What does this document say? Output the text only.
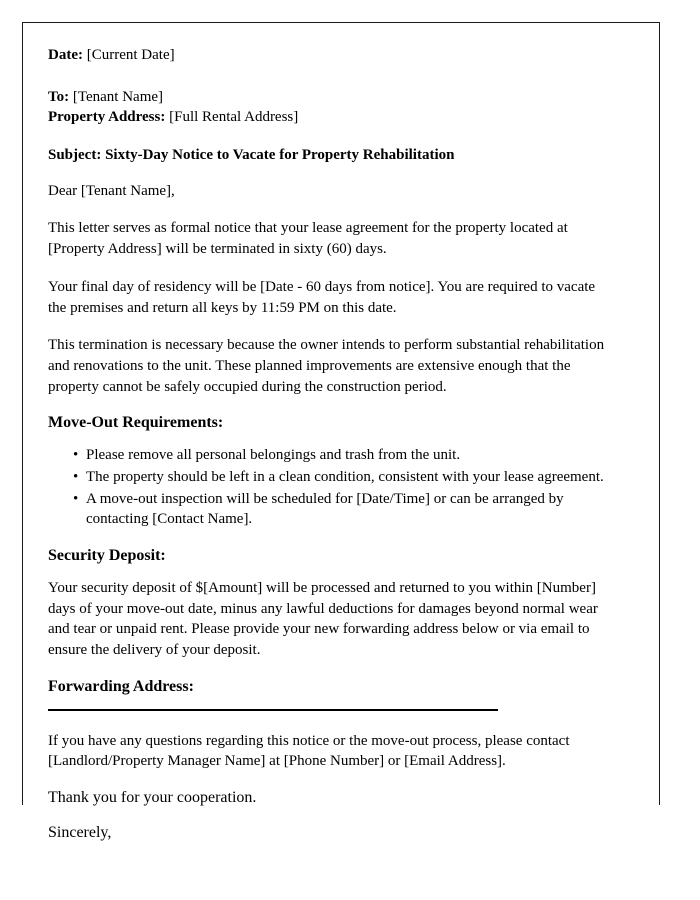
Date: [Current Date]

To: [Tenant Name]

Property Address: [Full Rental Address]

Subject: Sixty-Day Notice to Vacate for Property Rehabilitation

Dear [Tenant Name],

This letter serves as formal notice that your lease agreement for the property located at [Property Address] will be terminated in sixty (60) days.

Your final day of residency will be [Date - 60 days from notice]. You are required to vacate the premises and return all keys by 11:59 PM on this date.

This termination is necessary because the owner intends to perform substantial rehabilitation and renovations to the unit. These planned improvements are extensive enough that the property cannot be safely occupied during the construction period.

Move-Out Requirements:

• Please remove all personal belongings and trash from the unit.
• The property should be left in a clean condition, consistent with your lease agreement.
• A move-out inspection will be scheduled for [Date/Time] or can be arranged by contacting [Contact Name].

Security Deposit:

Your security deposit of $[Amount] will be processed and returned to you within [Number] days of your move-out date, minus any lawful deductions for damages beyond normal wear and tear or unpaid rent. Please provide your new forwarding address below or via email to ensure the delivery of your deposit.

Forwarding Address:

If you have any questions regarding this notice or the move-out process, please contact [Landlord/Property Manager Name] at [Phone Number] or [Email Address].

Thank you for your cooperation.

Sincerely,
